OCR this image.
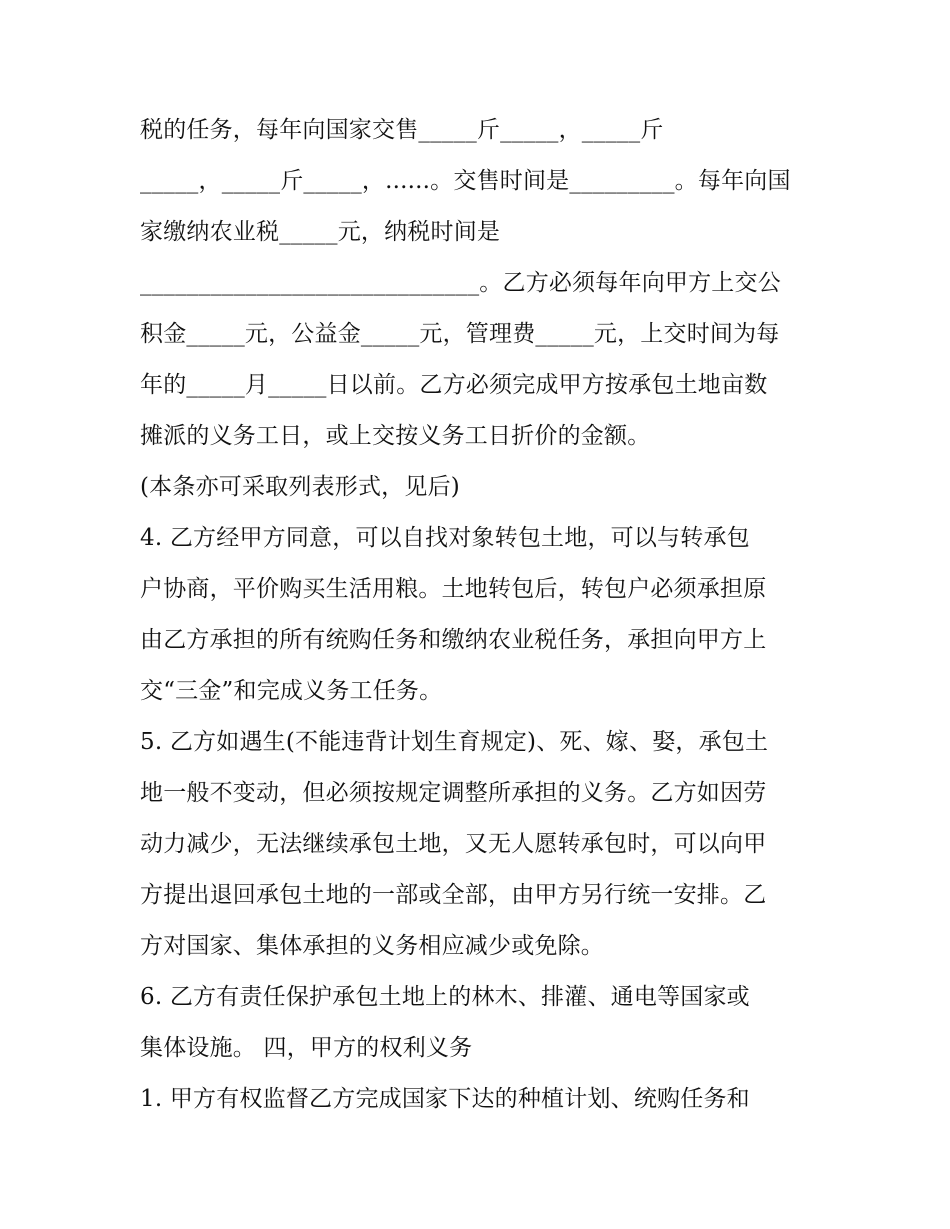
税的任务，每年向国家交售_____斤_____，_____斤
_____，_____斤_____，......。交售时间是_________。每年向国
家缴纳农业税_____元，纳税时间是
_____________________________。乙方必须每年向甲方上交公
积金_____元，公益金_____元，管理费_____元，上交时间为每
年的_____月_____日以前。乙方必须完成甲方按承包土地亩数
摊派的义务工日，或上交按义务工日折价的金额。
(本条亦可采取列表形式，见后)
4. 乙方经甲方同意，可以自找对象转包土地，可以与转承包
户协商，平价购买生活用粮。土地转包后，转包户必须承担原
由乙方承担的所有统购任务和缴纳农业税任务，承担向甲方上
交“三金”和完成义务工任务。
5. 乙方如遇生(不能违背计划生育规定)、死、嫁、娶，承包土
地一般不变动，但必须按规定调整所承担的义务。乙方如因劳
动力减少，无法继续承包土地，又无人愿转承包时，可以向甲
方提出退回承包土地的一部或全部，由甲方另行统一安排。乙
方对国家、集体承担的义务相应减少或免除。
6. 乙方有责任保护承包土地上的林木、排灌、通电等国家或
集体设施。 四，甲方的权利义务
1. 甲方有权监督乙方完成国家下达的种植计划、统购任务和
